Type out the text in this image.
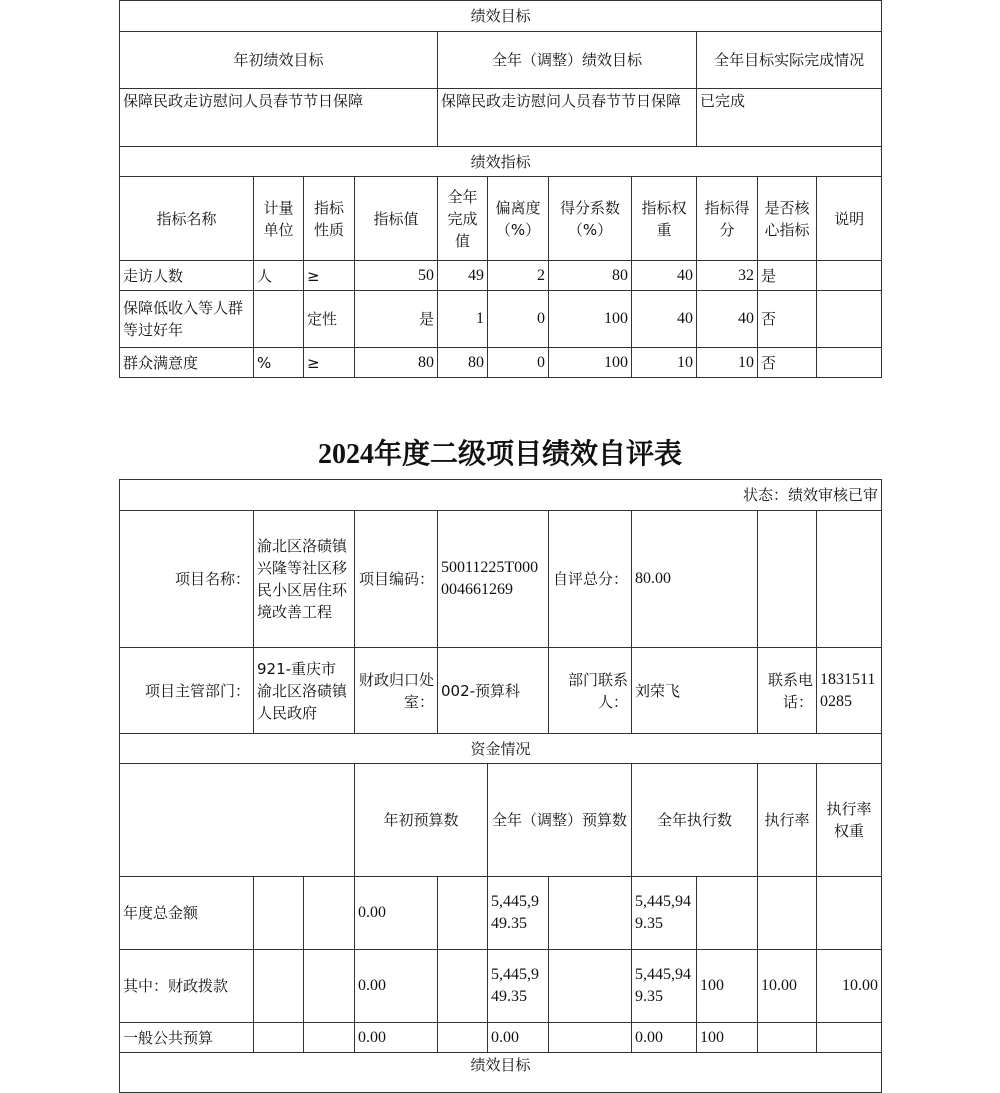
绩效目标										
年初绩效目标				全年（调整）绩效目标				全年目标实际完成情况		
保障民政走访慰问人员春节节日保障				保障民政走访慰问人员春节节日保障				已完成		
绩效指标										
指标名称	计量单位	指标性质	指标值	全年完成值	偏离度（%）	得分系数（%）	指标权重	指标得分	是否核心指标	说明
走访人数	人	≥	50	49	2	80	40	32	是	
保障低收入等人群等过好年		定性	是	1	0	100	40	40	否	
群众满意度	%	≥	80	80	0	100	10	10	否	
2024年度二级项目绩效自评表
状态：绩效审核已审											
项目名称：	渝北区洛碛镇兴隆等社区移民小区居住环境改善工程		项目编码：	50011225T000004661269		自评总分：	80.00				
项目主管部门：	921-重庆市渝北区洛碛镇人民政府		财政归口处室：	002-预算科		部门联系人：	刘荣飞		联系电话：	18315110285	
资金情况											
			年初预算数		全年（调整）预算数		全年执行数		执行率	执行率权重	
年度总金额			0.00		5,445,949.35		5,445,949.35				
其中：财政拨款			0.00		5,445,949.35		5,445,949.35	100	10.00	10.00	
一般公共预算			0.00		0.00		0.00	100			
绩效目标											
